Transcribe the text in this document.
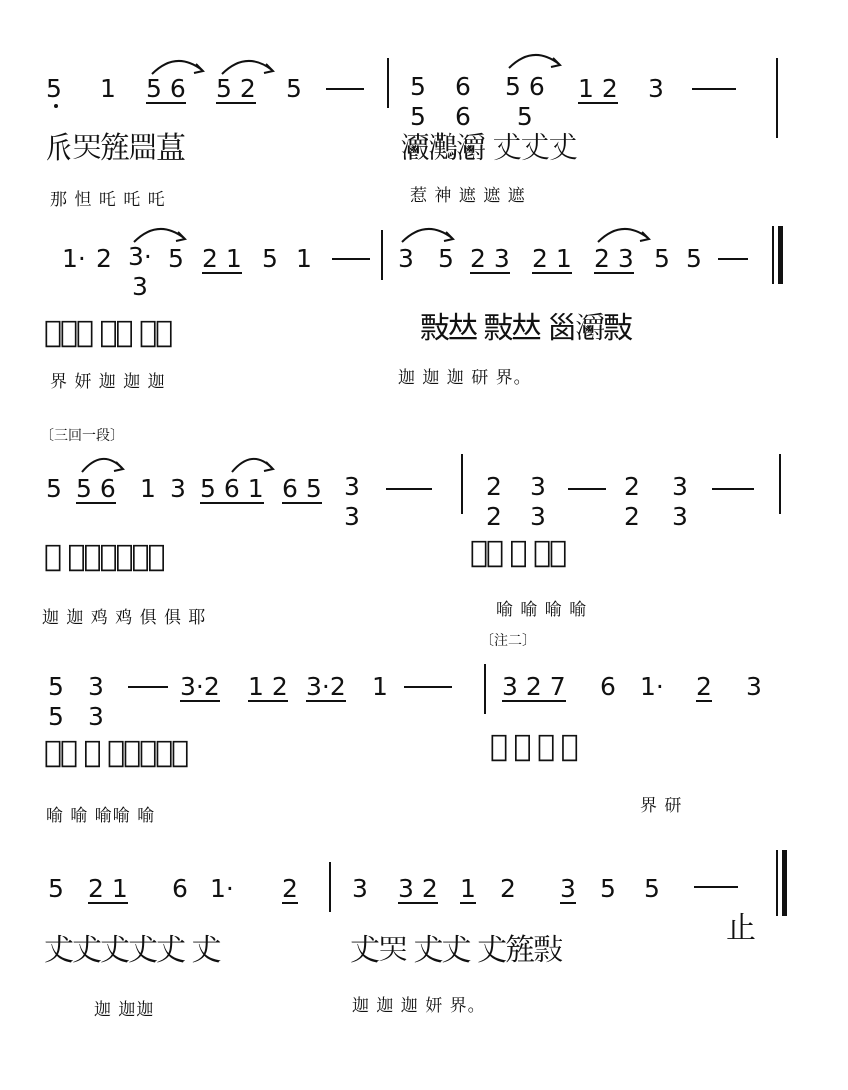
5 1 5 6 5 2 5	5
5
6
6
5 6
5
1 2 3
𠂢𦉼𥰁𥆞蒀	𤅨𤅩𤅪 𠀋𠀋𠀋
那 怛 吒 吒 吒	惹 神 遮 遮 遮
1· 2 3·
3
5 2 1 5 1	3 5 2 3 2 1 2 3 5 5
𤊀𡿺𤅪 𢿏𢿏 𠀋𠀋	𢿏𠀤 𢿏𠀤 𡿺𤅪𢿏
界 妍 迦 迦 迦	迦 迦 迦 研 界。
〔三回一段〕
5 5 6 1 3 5 6 1 6 5 3
3
2
2
3
3
2
2
3
3
𤊀 𢿏𢿏𢿏𢿏𢿏𤅪	𤊀𤅪 色 𤊀𤅪
迦 迦 鸡 鸡 俱 俱 耶	喻 喻 喻 喻
〔注二〕
5
5
3
3
3·2 1 2 3·2 1	3 2 7 6 1· 2 3
𤊀𤅪 𦉼 𠀋𠀋𠀋𠀋𠀋	𤊀 𠀋 𠀋 𠀋
喻 喻 喻喻 喻	界 研
5 2 1 6 1· 2 3 3 2 1 2 3 5 5
𠀋𠀋𠀋𠀋𠀋 𠀋	𠀋𦉼 𠀋𠀋 𠀋𥰁𢿏
止
迦 迦迦	迦 迦 迦 妍 界。
